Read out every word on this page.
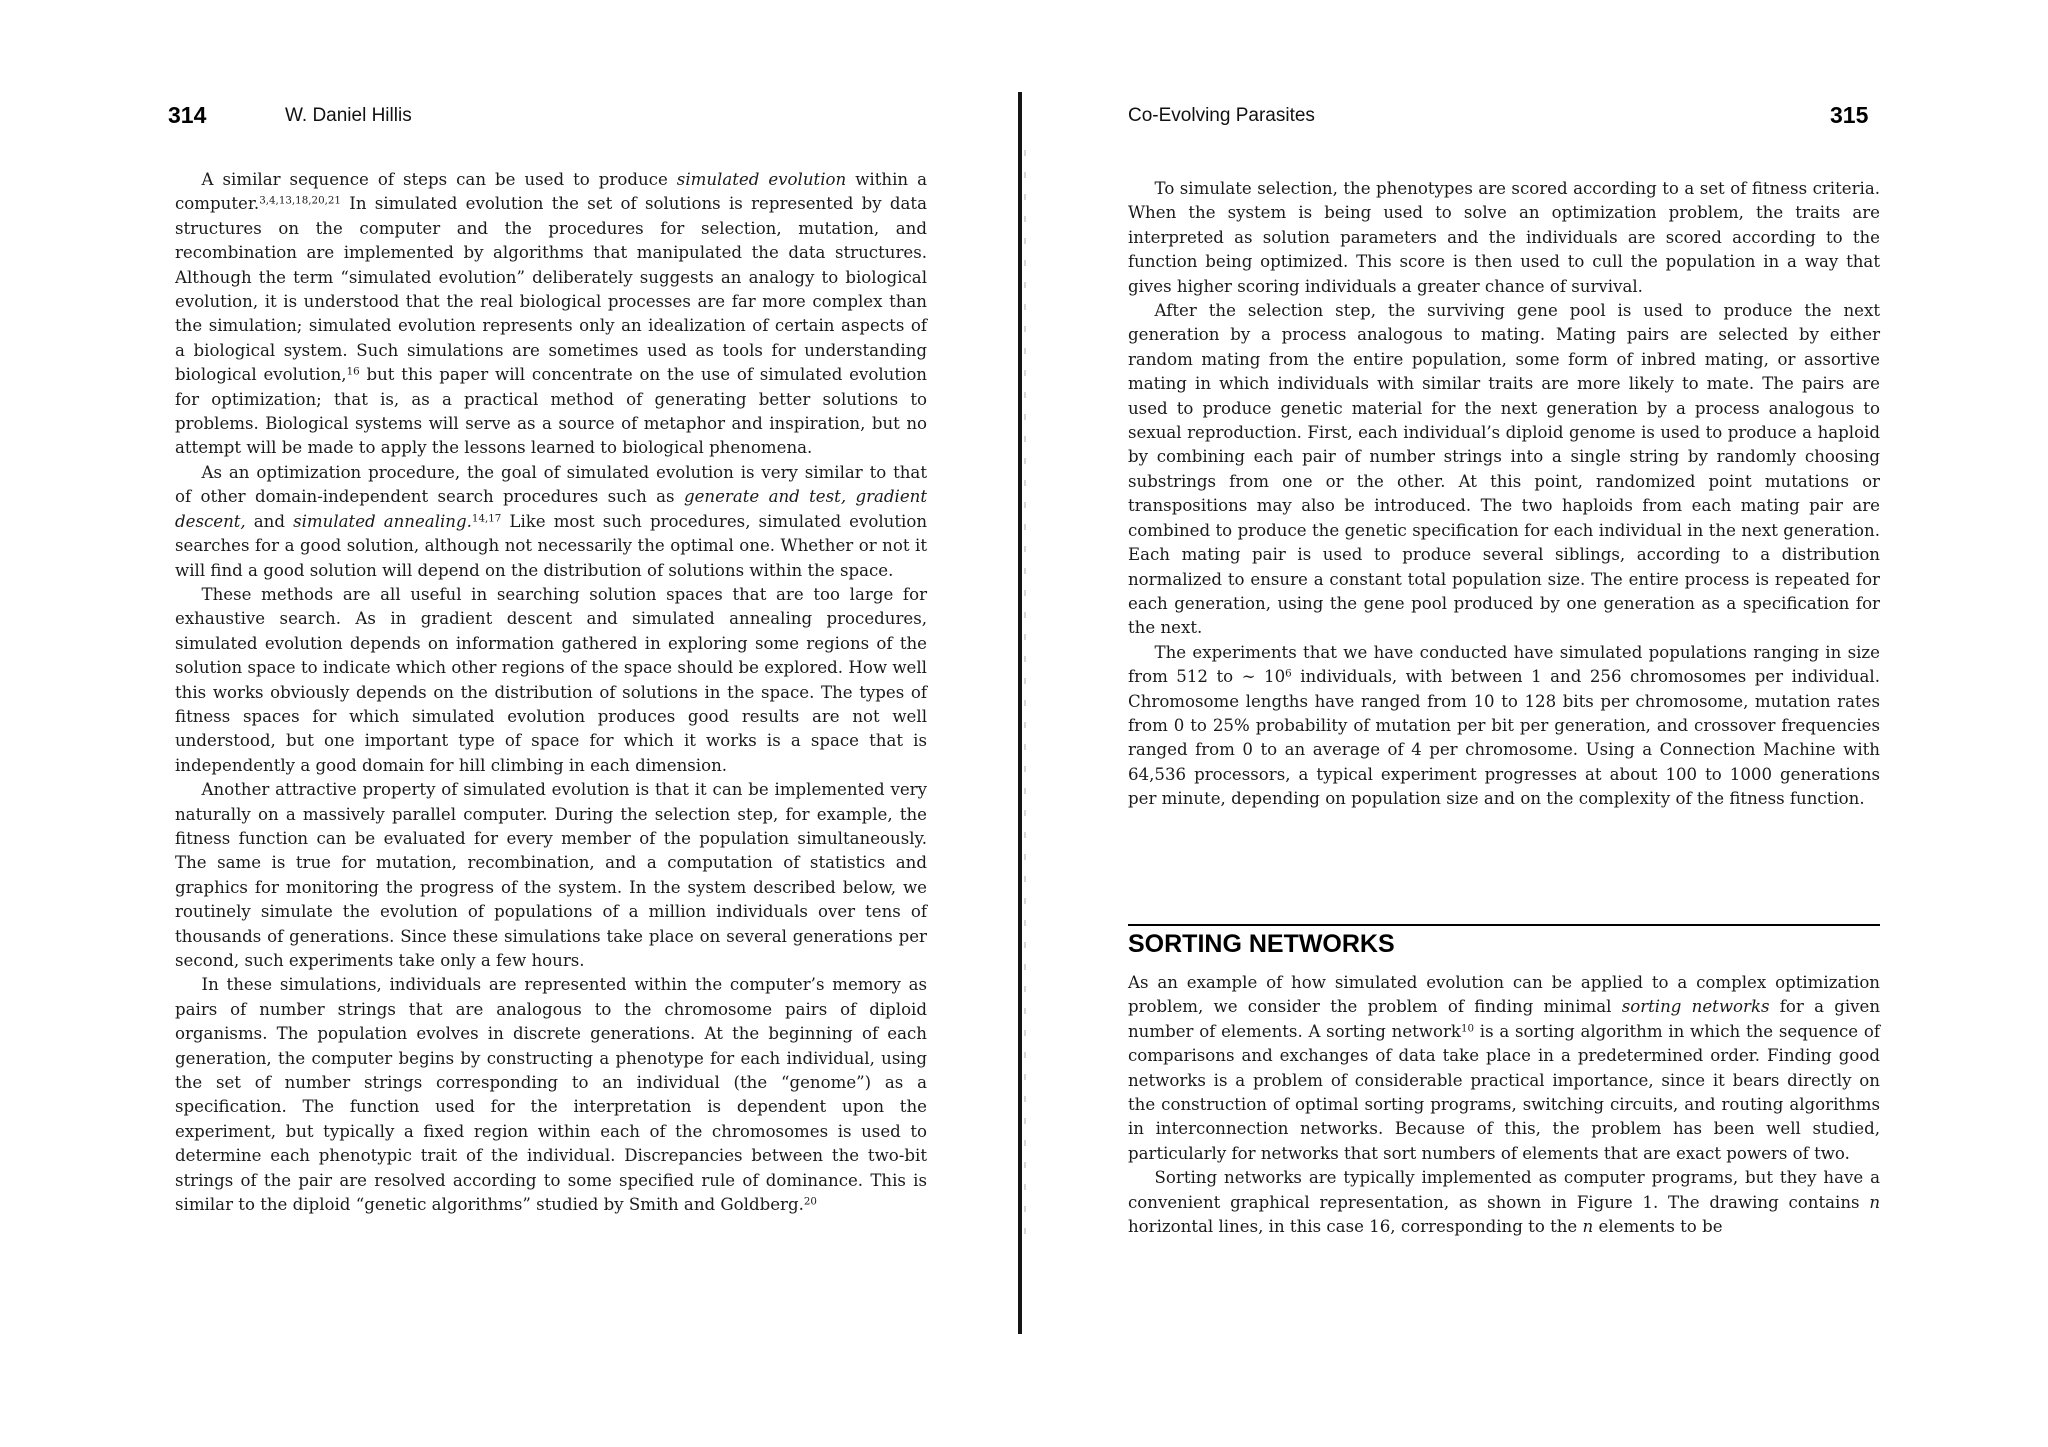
314	W. Daniel Hillis

A similar sequence of steps can be used to produce simulated evolution within a computer.$^{3,4,13,18,20,21}$ In simulated evolution the set of solutions is represented by data structures on the computer and the procedures for selection, mutation, and recombination are implemented by algorithms that manipulated the data structures. Although the term “simulated evolution” deliberately suggests an analogy to biological evolution, it is understood that the real biological processes are far more complex than the simulation; simulated evolution represents only an idealization of certain aspects of a biological system. Such simulations are sometimes used as tools for understanding biological evolution,$^{16}$ but this paper will concentrate on the use of simulated evolution for optimization; that is, as a practical method of generating better solutions to problems. Biological systems will serve as a source of metaphor and inspiration, but no attempt will be made to apply the lessons learned to biological phenomena.

As an optimization procedure, the goal of simulated evolution is very similar to that of other domain-independent search procedures such as generate and test, gradient descent, and simulated annealing.$^{14,17}$ Like most such procedures, simulated evolution searches for a good solution, although not necessarily the optimal one. Whether or not it will find a good solution will depend on the distribution of solutions within the space.

These methods are all useful in searching solution spaces that are too large for exhaustive search. As in gradient descent and simulated annealing procedures, simulated evolution depends on information gathered in exploring some regions of the solution space to indicate which other regions of the space should be explored. How well this works obviously depends on the distribution of solutions in the space. The types of fitness spaces for which simulated evolution produces good results are not well understood, but one important type of space for which it works is a space that is independently a good domain for hill climbing in each dimension.

Another attractive property of simulated evolution is that it can be implemented very naturally on a massively parallel computer. During the selection step, for example, the fitness function can be evaluated for every member of the population simultaneously. The same is true for mutation, recombination, and a computation of statistics and graphics for monitoring the progress of the system. In the system described below, we routinely simulate the evolution of populations of a million individuals over tens of thousands of generations. Since these simulations take place on several generations per second, such experiments take only a few hours.

In these simulations, individuals are represented within the computer’s memory as pairs of number strings that are analogous to the chromosome pairs of diploid organisms. The population evolves in discrete generations. At the beginning of each generation, the computer begins by constructing a phenotype for each individual, using the set of number strings corresponding to an individual (the “genome”) as a specification. The function used for the interpretation is dependent upon the experiment, but typically a fixed region within each of the chromosomes is used to determine each phenotypic trait of the individual. Discrepancies between the two-bit strings of the pair are resolved according to some specified rule of dominance. This is similar to the diploid “genetic algorithms” studied by Smith and Goldberg.$^{20}$

Co-Evolving Parasites	315

To simulate selection, the phenotypes are scored according to a set of fitness criteria. When the system is being used to solve an optimization problem, the traits are interpreted as solution parameters and the individuals are scored according to the function being optimized. This score is then used to cull the population in a way that gives higher scoring individuals a greater chance of survival.

After the selection step, the surviving gene pool is used to produce the next generation by a process analogous to mating. Mating pairs are selected by either random mating from the entire population, some form of inbred mating, or assortive mating in which individuals with similar traits are more likely to mate. The pairs are used to produce genetic material for the next generation by a process analogous to sexual reproduction. First, each individual’s diploid genome is used to produce a haploid by combining each pair of number strings into a single string by randomly choosing substrings from one or the other. At this point, randomized point mutations or transpositions may also be introduced. The two haploids from each mating pair are combined to produce the genetic specification for each individual in the next generation. Each mating pair is used to produce several siblings, according to a distribution normalized to ensure a constant total population size. The entire process is repeated for each generation, using the gene pool produced by one generation as a specification for the next.

The experiments that we have conducted have simulated populations ranging in size from 512 to ∼ $10^6$ individuals, with between 1 and 256 chromosomes per individual. Chromosome lengths have ranged from 10 to 128 bits per chromosome, mutation rates from 0 to 25% probability of mutation per bit per generation, and crossover frequencies ranged from 0 to an average of 4 per chromosome. Using a Connection Machine with 64,536 processors, a typical experiment progresses at about 100 to 1000 generations per minute, depending on population size and on the complexity of the fitness function.

SORTING NETWORKS

As an example of how simulated evolution can be applied to a complex optimization problem, we consider the problem of finding minimal sorting networks for a given number of elements. A sorting network$^{10}$ is a sorting algorithm in which the sequence of comparisons and exchanges of data take place in a predetermined order. Finding good networks is a problem of considerable practical importance, since it bears directly on the construction of optimal sorting programs, switching circuits, and routing algorithms in interconnection networks. Because of this, the problem has been well studied, particularly for networks that sort numbers of elements that are exact powers of two.

Sorting networks are typically implemented as computer programs, but they have a convenient graphical representation, as shown in Figure 1. The drawing contains n horizontal lines, in this case 16, corresponding to the n elements to be
